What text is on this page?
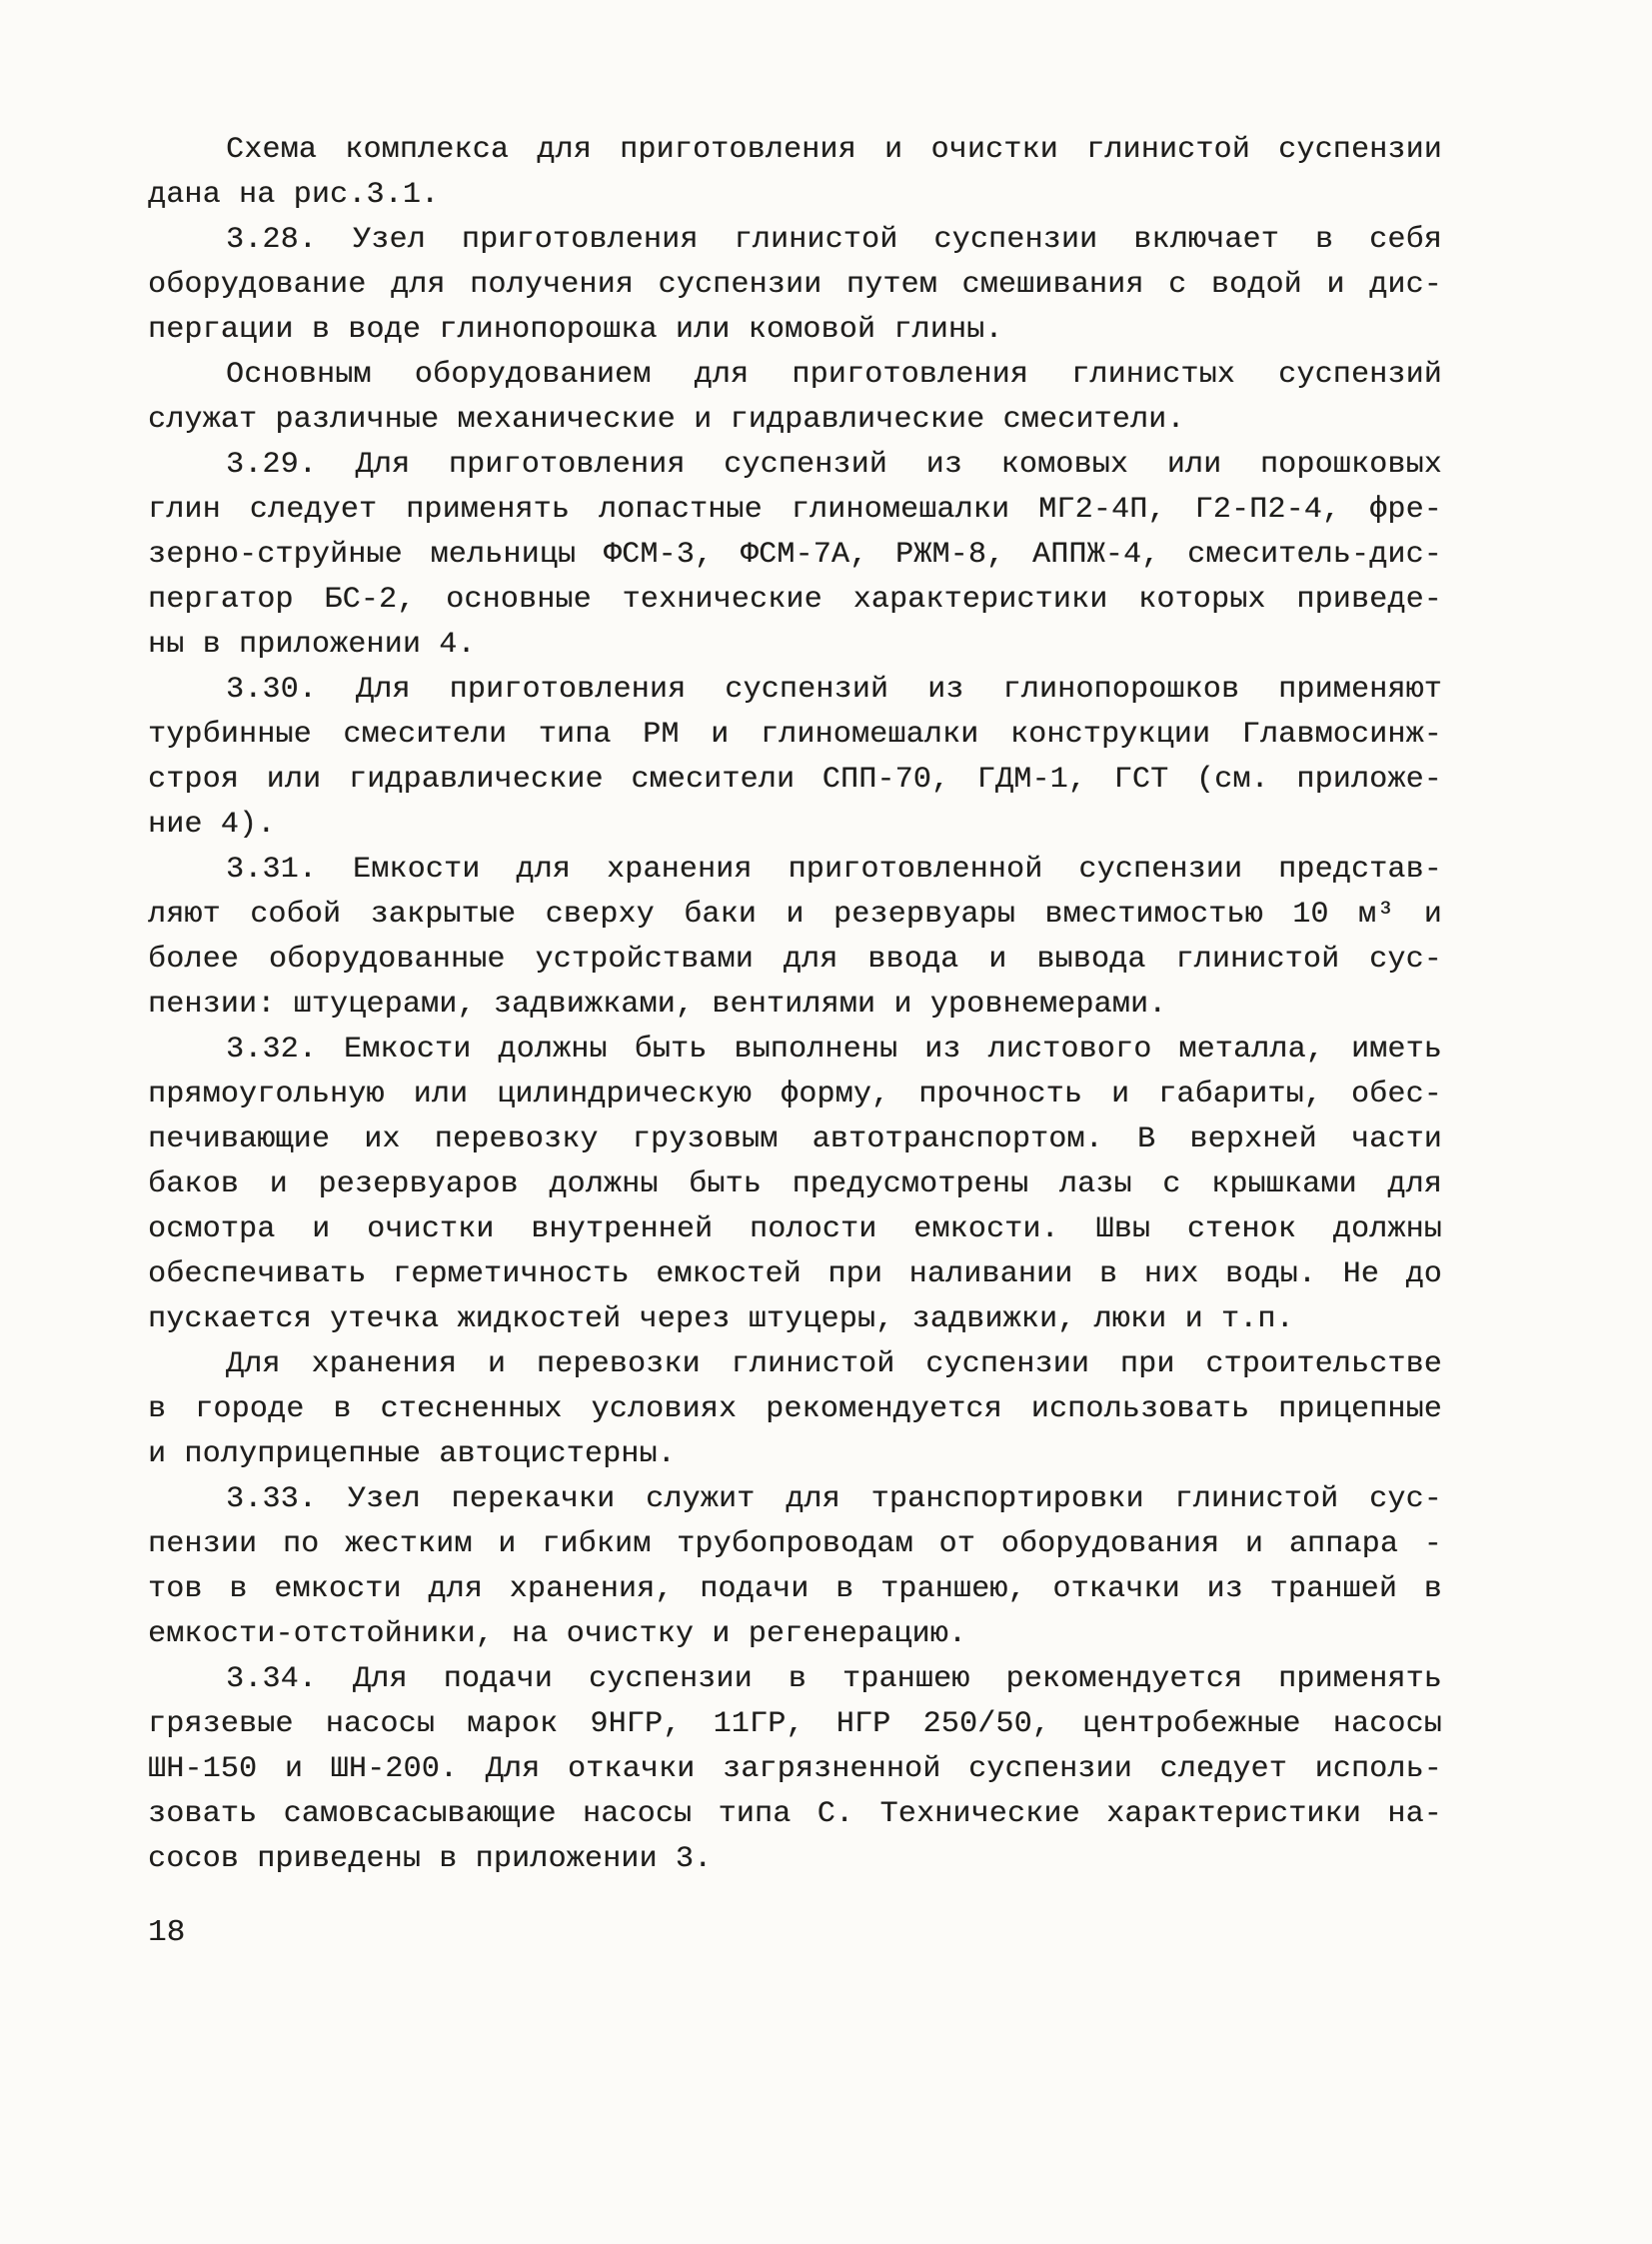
Схема комплекса для приготовления и очистки глинистой суспензии
дана на рис.3.1.
3.28. Узел приготовления глинистой суспензии включает в себя
оборудование для получения суспензии путем смешивания с водой и дис-
пергации в воде глинопорошка или комовой глины.
Основным оборудованием для приготовления глинистых суспензий
служат различные механические и гидравлические смесители.
3.29. Для приготовления суспензий из комовых или порошковых
глин следует применять лопастные глиномешалки МГ2-4П, Г2-П2-4, фре-
зерно-струйные мельницы ФСМ-3, ФСМ-7А, РЖМ-8, АППЖ-4, смеситель-дис-
пергатор БС-2, основные технические характеристики которых приведе-
ны в приложении 4.
3.30. Для приготовления суспензий из глинопорошков применяют
турбинные смесители типа РМ и глиномешалки конструкции Главмосинж-
строя или гидравлические смесители СПП-70, ГДМ-1, ГСТ (см. приложе-
ние 4).
3.31. Емкости для хранения приготовленной суспензии представ-
ляют собой закрытые сверху баки и резервуары вместимостью 10 м³ и
более оборудованные устройствами для ввода и вывода глинистой сус-
пензии: штуцерами, задвижками, вентилями и уровнемерами.
3.32. Емкости должны быть выполнены из листового металла, иметь
прямоугольную или цилиндрическую форму, прочность и габариты, обес-
печивающие их перевозку грузовым автотранспортом. В верхней части
баков и резервуаров должны быть предусмотрены лазы с крышками для
осмотра и очистки внутренней полости емкости. Швы стенок должны
обеспечивать герметичность емкостей при наливании в них воды. Не до
пускается утечка жидкостей через штуцеры, задвижки, люки и т.п.
Для хранения и перевозки глинистой суспензии при строительстве
в городе в стесненных условиях рекомендуется использовать прицепные
и полуприцепные автоцистерны.
3.33. Узел перекачки служит для транспортировки глинистой сус-
пензии по жестким и гибким трубопроводам от оборудования и аппара -
тов в емкости для хранения, подачи в траншею, откачки из траншей в
емкости-отстойники, на очистку и регенерацию.
3.34. Для подачи суспензии в траншею рекомендуется применять
грязевые насосы марок 9НГР, 11ГР, НГР 250/50, центробежные насосы
ШН-150 и ШН-200. Для откачки загрязненной суспензии следует исполь-
зовать самовсасывающие насосы типа С. Технические характеристики на-
сосов приведены в приложении 3.
18
